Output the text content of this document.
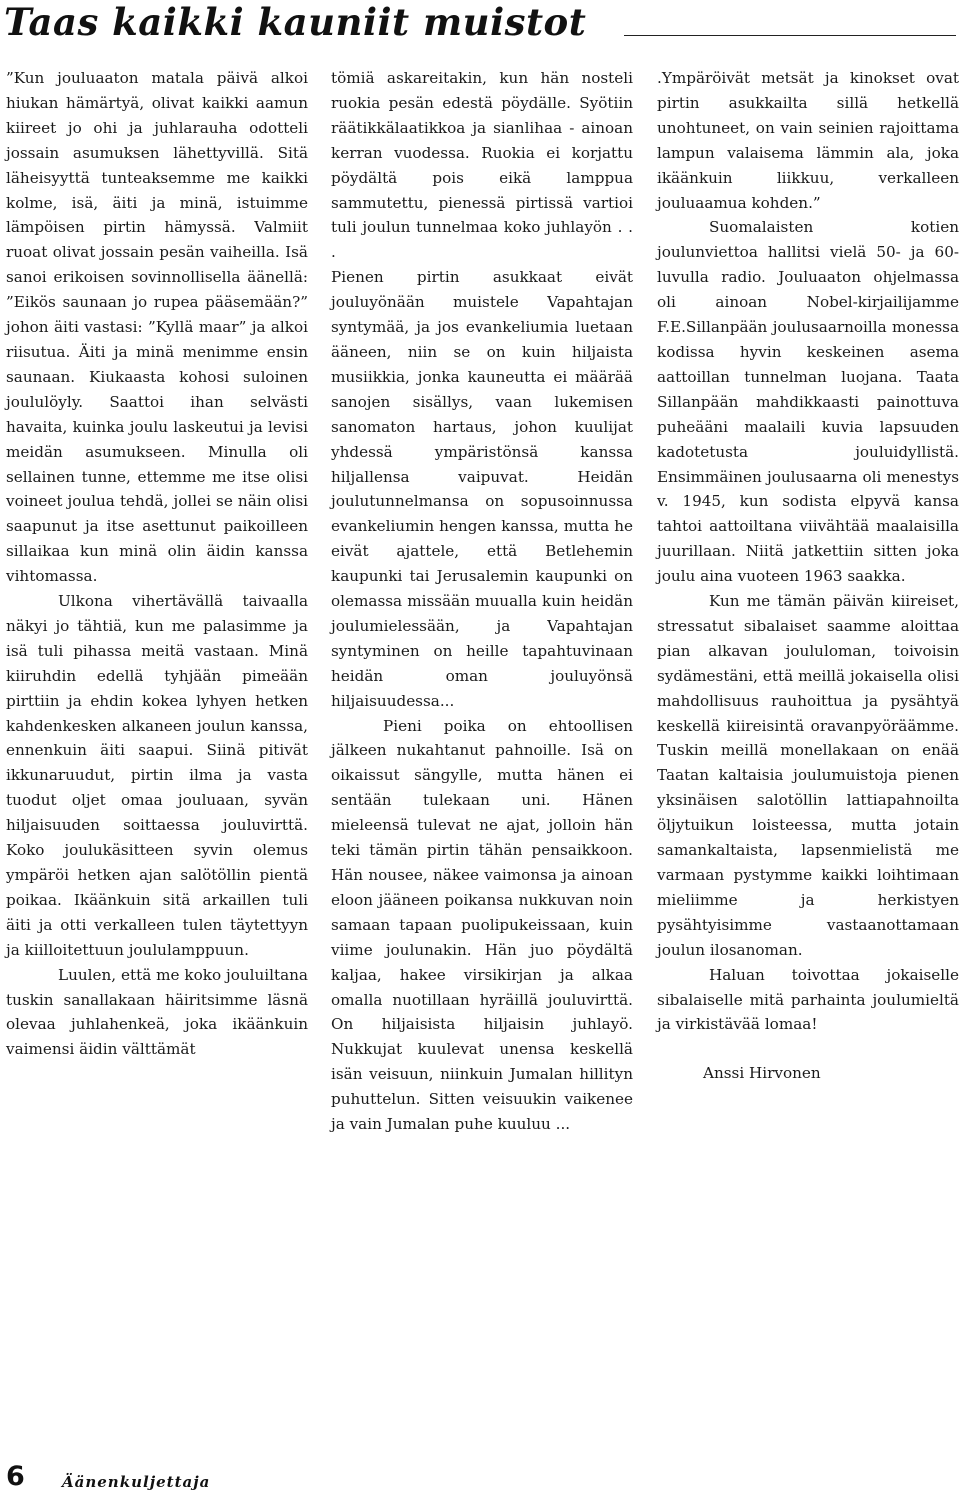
Taas kaikki kauniit muistot

”Kun jouluaaton matala päivä alkoi hiukan hämärtyä, olivat kaikki aamun kiireet jo ohi ja juhlarauha odotteli jossain asumuksen lähettyvillä. Sitä läheisyyttä tunteaksemme me kaikki kolme, isä, äiti ja minä, istuimme lämpöisen pirtin hämyssä. Valmiit ruoat olivat jossain pesän vaiheilla. Isä sanoi erikoisen sovinnollisella äänellä: ”Eikös saunaan jo rupea pääsemään?” johon äiti vastasi: ”Kyllä maar” ja alkoi riisutua. Äiti ja minä menimme ensin saunaan. Kiukaasta kohosi suloinen joululöyly. Saattoi ihan selvästi havaita, kuinka joulu laskeutui ja levisi meidän asumukseen. Minulla oli sellainen tunne, ettemme me itse olisi voineet joulua tehdä, jollei se näin olisi saapunut ja itse asettunut paikoilleen sillaikaa kun minä olin äidin kanssa vihtomassa.

Ulkona vihertävällä taivaalla näkyi jo tähtiä, kun me palasimme ja isä tuli pihassa meitä vastaan. Minä kiiruhdin edellä tyhjään pimeään pirttiin ja ehdin kokea lyhyen hetken kahdenkesken alkaneen joulun kanssa, ennenkuin äiti saapui. Siinä pitivät ikkunaruudut, pirtin ilma ja vasta tuodut oljet omaa jouluaan, syvän hiljaisuuden soittaessa jouluvirttä. Koko joulukäsitteen syvin olemus ympäröi hetken ajan salötöllin pientä poikaa. Ikäänkuin sitä arkaillen tuli äiti ja otti verkalleen tulen täytettyyn ja kiilloitettuun joululamppuun.

Luulen, että me koko jouluiltana tuskin sanallakaan häiritsimme läsnä olevaa juhlahenkeä, joka ikäänkuin vaimensi äidin välttämät

tömiä askareitakin, kun hän nosteli ruokia pesän edestä pöydälle. Syötiin räätikkälaatikkoa ja sianlihaa - ainoan kerran vuodessa. Ruokia ei korjattu pöydältä pois eikä lamppua sammutettu, pienessä pirtissä vartioi tuli joulun tunnelmaa koko juhlayön . . .

Pienen pirtin asukkaat eivät jouluyönään muistele Vapahtajan syntymää, ja jos evankeliumia luetaan ääneen, niin se on kuin hiljaista musiikkia, jonka kauneutta ei määrää sanojen sisällys, vaan lukemisen sanomaton hartaus, johon kuulijat yhdessä ympäristönsä kanssa hiljallensa vaipuvat. Heidän joulutunnelmansa on sopusoinnussa evankeliumin hengen kanssa, mutta he eivät ajattele, että Betlehemin kaupunki tai Jerusalemin kaupunki on olemassa missään muualla kuin heidän joulumielessään, ja Vapahtajan syntyminen on heille tapahtuvinaan heidän oman jouluyönsä hiljaisuudessa...

Pieni poika on ehtoollisen jälkeen nukahtanut pahnoille. Isä on oikaissut sängylle, mutta hänen ei sentään tulekaan uni. Hänen mieleensä tulevat ne ajat, jolloin hän teki tämän pirtin tähän pensaikkoon. Hän nousee, näkee vaimonsa ja ainoan eloon jääneen poikansa nukkuvan noin samaan tapaan puolipukeissaan, kuin viime joulunakin. Hän juo pöydältä kaljaa, hakee virsikirjan ja alkaa omalla nuotillaan hyräillä jouluvirttä. On hiljaisista hiljaisin juhlayö. Nukkujat kuulevat unensa keskellä isän veisuun, niinkuin Jumalan hillityn puhuttelun. Sitten veisuukin vaikenee ja vain Jumalan puhe kuuluu ...

.Ympäröivät metsät ja kinokset ovat pirtin asukkailta sillä hetkellä unohtuneet, on vain seinien rajoittama lampun valaisema lämmin ala, joka ikäänkuin liikkuu, verkalleen jouluaamua kohden.”

Suomalaisten kotien joulunviettoa hallitsi vielä 50- ja 60-luvulla radio. Jouluaaton ohjelmassa oli ainoan Nobel-kirjailijamme F.E.Sillanpään joulusaarnoilla monessa kodissa hyvin keskeinen asema aattoillan tunnelman luojana. Taata Sillanpään mahdikkaasti painottuva puheääni maalaili kuvia lapsuuden kadotetusta jouluidyllistä. Ensimmäinen joulusaarna oli menestys v. 1945, kun sodista elpyvä kansa tahtoi aattoiltana viivähtää maalaisilla juurillaan. Niitä jatkettiin sitten joka joulu aina vuoteen 1963 saakka.

Kun me tämän päivän kiireiset, stressatut sibalaiset saamme aloittaa pian alkavan joululoman, toivoisin sydämestäni, että meillä jokaisella olisi mahdollisuus rauhoittua ja pysähtyä keskellä kiireisintä oravanpyöräämme. Tuskin meillä monellakaan on enää Taatan kaltaisia joulumuistoja pienen yksinäisen salotöllin lattiapahnoilta öljytuikun loisteessa, mutta jotain samankaltaista, lapsenmielistä me varmaan pystymme kaikki loihtimaan mieliimme ja herkistyen pysähtyisimme vastaanottamaan joulun ilosanoman.

Haluan toivottaa jokaiselle sibalaiselle mitä parhainta joulumieltä ja virkistävää lomaa!

Anssi Hirvonen

6 Äänenkuljettaja
